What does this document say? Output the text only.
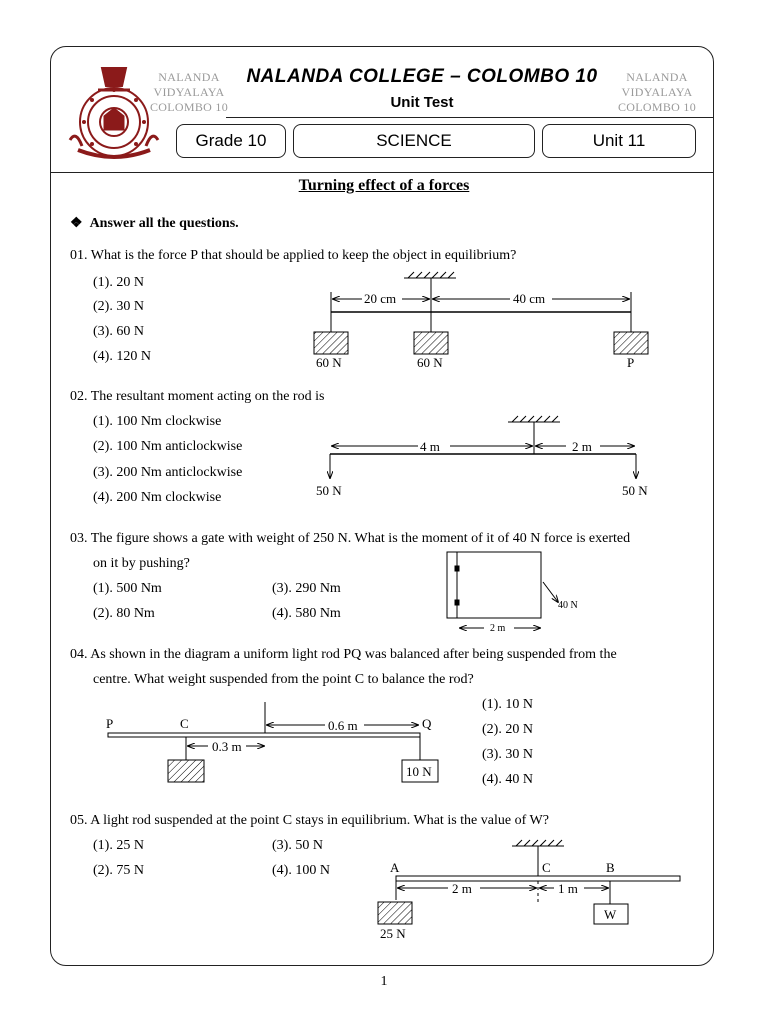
NALANDA
VIDYALAYA
COLOMBO 10
NALANDA
VIDYALAYA
COLOMBO 10
NALANDA COLLEGE – COLOMBO 10
Unit Test
Grade 10	SCIENCE	Unit 11
Turning effect of a forces
❖  Answer all the questions.
01. What is the force P that should be applied to keep the object in equilibrium?
(1). 20 N
(2). 30 N
(3). 60 N
(4). 120 N
20 cm	40 cm
60 N	60 N	P
02. The resultant moment acting on the rod is
(1). 100 Nm clockwise
(2). 100 Nm anticlockwise
(3). 200 Nm anticlockwise
(4). 200 Nm clockwise
4 m	2 m
50 N	50 N
03. The figure shows a gate with weight of 250 N. What is the moment of it of 40 N force is exerted
on it by pushing?
(1). 500 Nm	(3). 290 Nm
(2). 80 Nm	(4). 580 Nm
40 N
2 m
04. As shown in the diagram a uniform light rod PQ was balanced after being suspended from the
centre. What weight suspended from the point C to balance the rod?
(1). 10 N
(2). 20 N
(3). 30 N
(4). 40 N
P	C	Q
0.6 m
0.3 m
10 N
05. A light rod suspended at the point C stays in equilibrium. What is the value of W?
(1). 25 N	(3). 50 N
(2). 75 N	(4). 100 N	A	C	B
2 m	1 m
25 N
W
1
